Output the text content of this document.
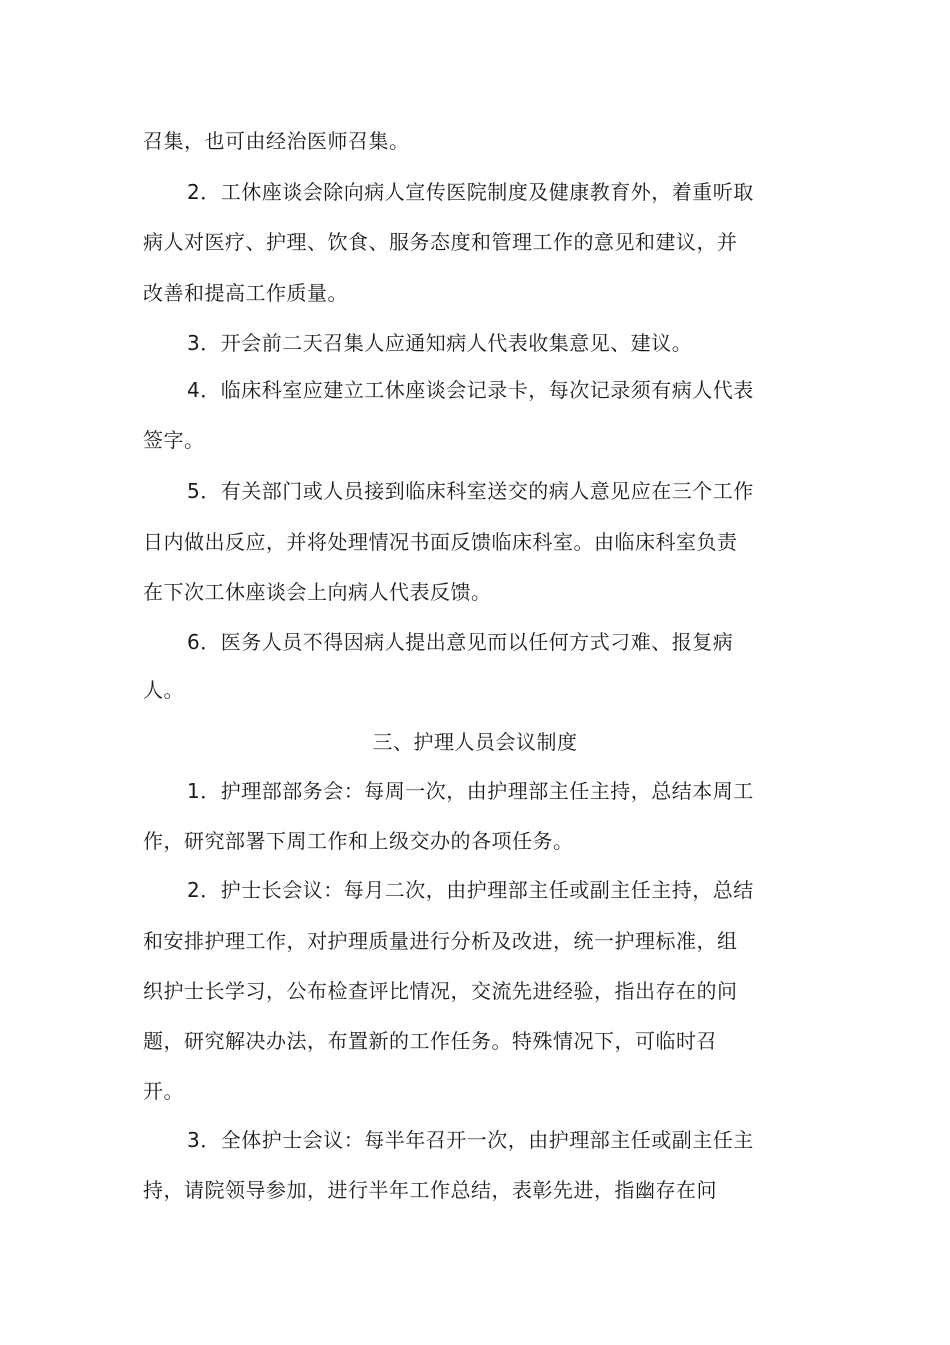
召集，也可由经治医师召集。
2．工休座谈会除向病人宣传医院制度及健康教育外，着重听取
病人对医疗、护理、饮食、服务态度和管理工作的意见和建议，并
改善和提高工作质量。
3．开会前二天召集人应通知病人代表收集意见、建议。
4．临床科室应建立工休座谈会记录卡，每次记录须有病人代表
签字。
5．有关部门或人员接到临床科室送交的病人意见应在三个工作
日内做出反应，并将处理情况书面反馈临床科室。由临床科室负责
在下次工休座谈会上向病人代表反馈。
6．医务人员不得因病人提出意见而以任何方式刁难、报复病
人。
三、护理人员会议制度
1．护理部部务会：每周一次，由护理部主任主持，总结本周工
作，研究部署下周工作和上级交办的各项任务。
2．护士长会议：每月二次，由护理部主任或副主任主持，总结
和安排护理工作，对护理质量进行分析及改进，统一护理标准，组
织护士长学习，公布检查评比情况，交流先进经验，指出存在的问
题，研究解决办法，布置新的工作任务。特殊情况下，可临时召
开。
3．全体护士会议：每半年召开一次，由护理部主任或副主任主
持，请院领导参加，进行半年工作总结，表彰先进，指幽存在问
